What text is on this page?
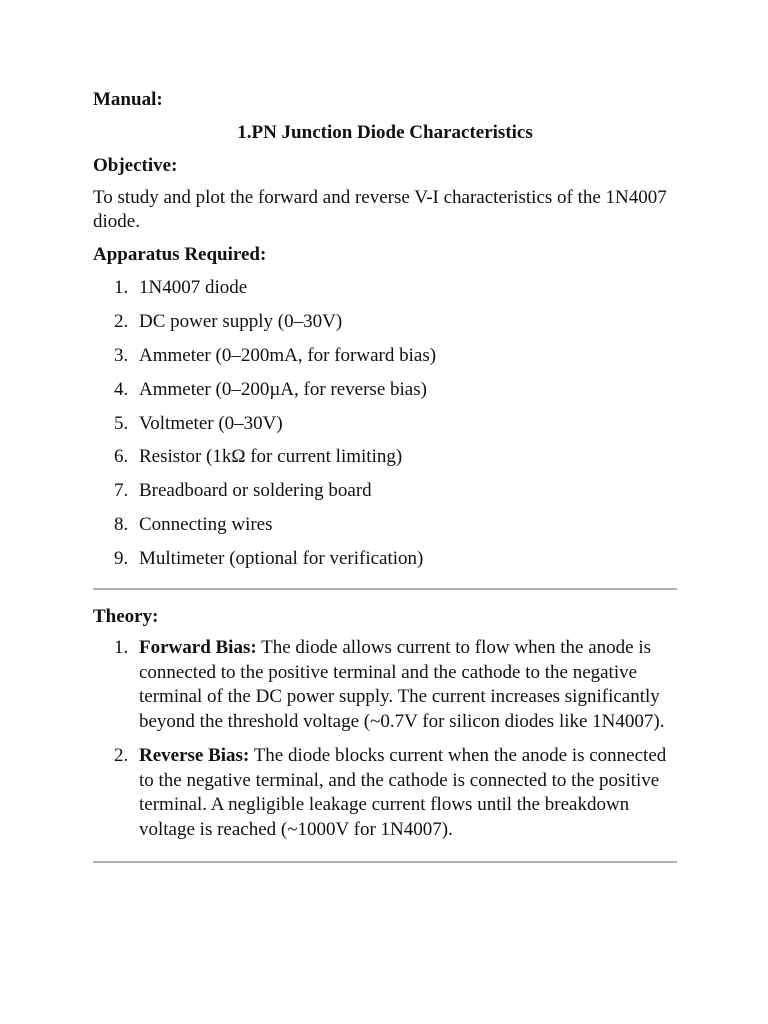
Manual:
1.PN Junction Diode Characteristics
Objective:

To study and plot the forward and reverse V-I characteristics of the 1N4007 diode.

Apparatus Required:
1. 1N4007 diode
2. DC power supply (0–30V)
3. Ammeter (0–200mA, for forward bias)
4. Ammeter (0–200µA, for reverse bias)
5. Voltmeter (0–30V)
6. Resistor (1kΩ for current limiting)
7. Breadboard or soldering board
8. Connecting wires
9. Multimeter (optional for verification)
Theory:
1. Forward Bias: The diode allows current to flow when the anode is connected to the positive terminal and the cathode to the negative terminal of the DC power supply. The current increases significantly beyond the threshold voltage (~0.7V for silicon diodes like 1N4007).
2. Reverse Bias: The diode blocks current when the anode is connected to the negative terminal, and the cathode is connected to the positive terminal. A negligible leakage current flows until the breakdown voltage is reached (~1000V for 1N4007).
